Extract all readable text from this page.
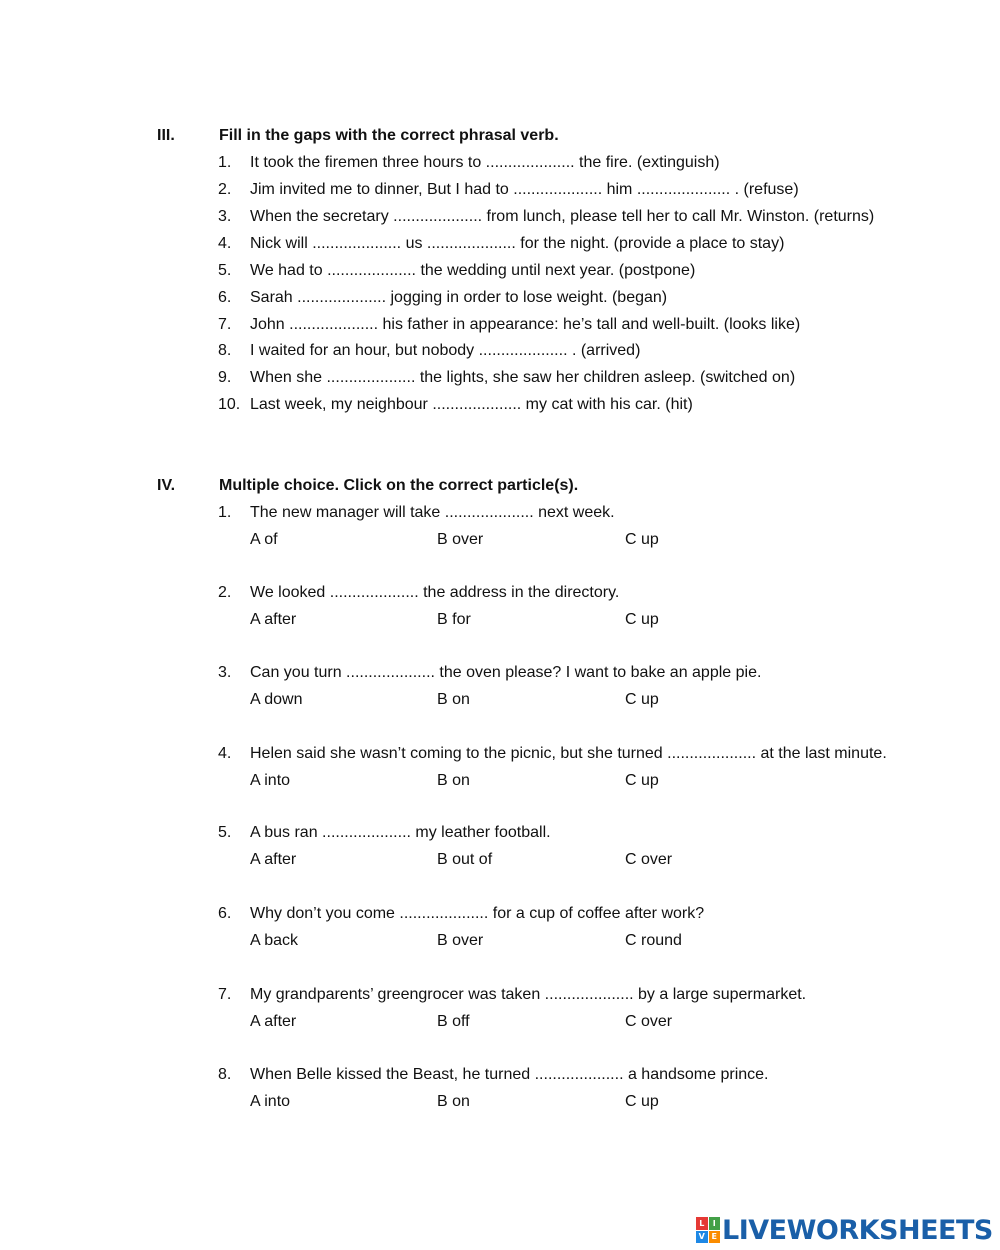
III.	Fill in the gaps with the correct phrasal verb.
1. It took the firemen three hours to .................... the fire. (extinguish)
2. Jim invited me to dinner, But I had to .................... him ..................... . (refuse)
3. When the secretary .................... from lunch, please tell her to call Mr. Winston. (returns)
4. Nick will .................... us .................... for the night. (provide a place to stay)
5. We had to .................... the wedding until next year. (postpone)
6. Sarah .................... jogging in order to lose weight. (began)
7. John .................... his father in appearance: he’s tall and well-built. (looks like)
8. I waited for an hour, but nobody .................... . (arrived)
9. When she .................... the lights, she saw her children asleep. (switched on)
10. Last week, my neighbour .................... my cat with his car. (hit)
IV.	Multiple choice. Click on the correct particle(s).
1. The new manager will take .................... next week.
A of	B over	C up
2. We looked .................... the address in the directory.
A after	B for	C up
3. Can you turn .................... the oven please? I want to bake an apple pie.
A down	B on	C up
4. Helen said she wasn’t coming to the picnic, but she turned .................... at the last minute.
A into	B on	C up
5. A bus ran .................... my leather football.
A after	B out of	C over
6. Why don’t you come .................... for a cup of coffee after work?
A back	B over	C round
7. My grandparents’ greengrocer was taken .................... by a large supermarket.
A after	B off	C over
8. When Belle kissed the Beast, he turned .................... a handsome prince.
A into	B on	C up
L	I
V E LIVEWORKSHEETS
